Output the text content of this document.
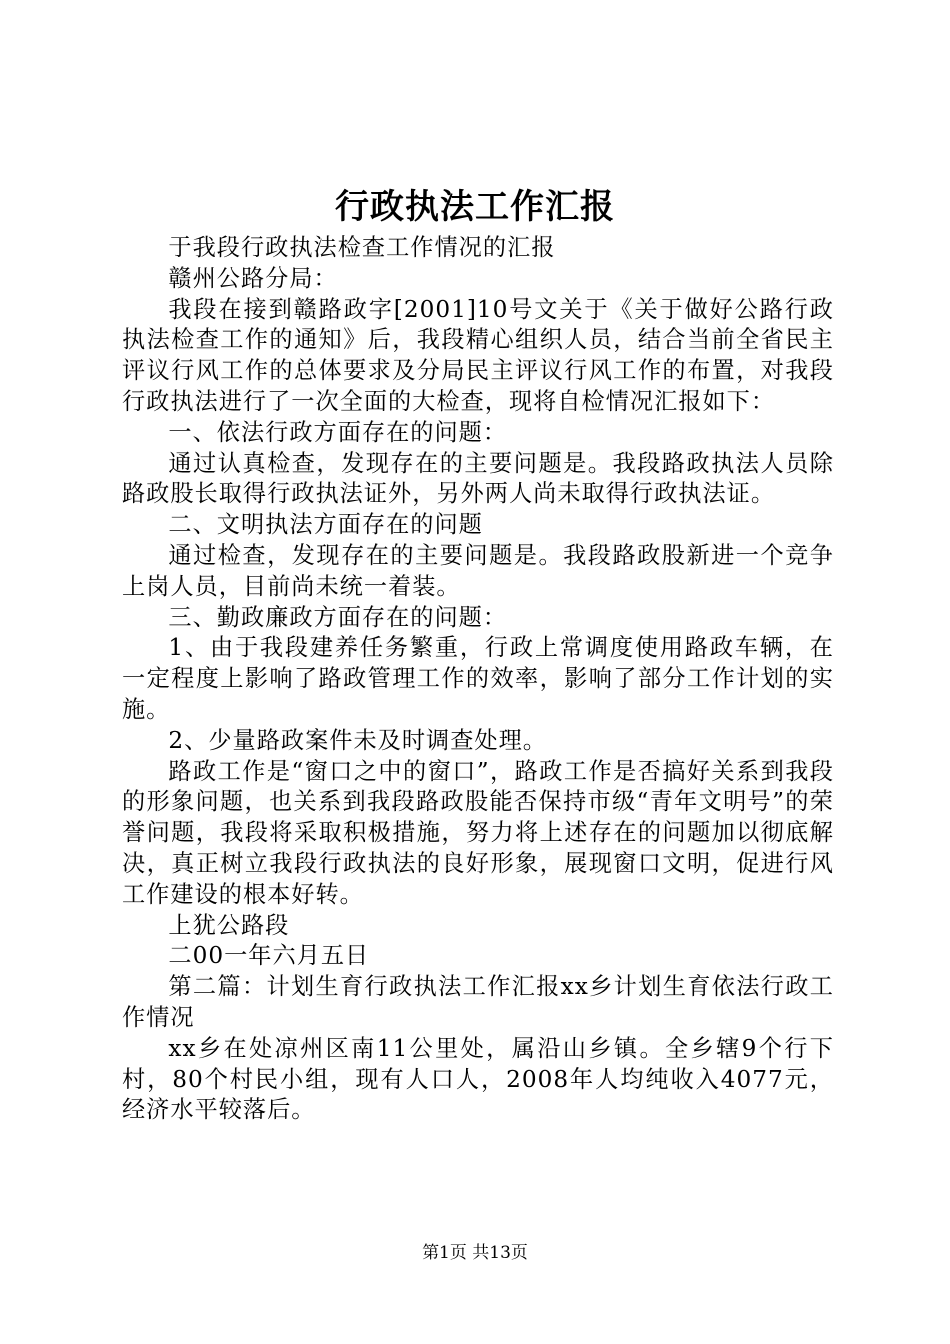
行政执法工作汇报

于我段行政执法检查工作情况的汇报

赣州公路分局：

我段在接到赣路政字[2001]10号文关于《关于做好公路行政执法检查工作的通知》后，我段精心组织人员，结合当前全省民主评议行风工作的总体要求及分局民主评议行风工作的布置，对我段行政执法进行了一次全面的大检查，现将自检情况汇报如下：

一、依法行政方面存在的问题：

通过认真检查，发现存在的主要问题是。我段路政执法人员除路政股长取得行政执法证外，另外两人尚未取得行政执法证。

二、文明执法方面存在的问题

通过检查，发现存在的主要问题是。我段路政股新进一个竞争上岗人员，目前尚未统一着装。

三、勤政廉政方面存在的问题：

1、由于我段建养任务繁重，行政上常调度使用路政车辆，在一定程度上影响了路政管理工作的效率，影响了部分工作计划的实施。

2、少量路政案件未及时调查处理。

路政工作是“窗口之中的窗口”，路政工作是否搞好关系到我段的形象问题，也关系到我段路政股能否保持市级“青年文明号”的荣誉问题，我段将采取积极措施，努力将上述存在的问题加以彻底解决，真正树立我段行政执法的良好形象，展现窗口文明，促进行风工作建设的根本好转。

上犹公路段

二00一年六月五日

第二篇：计划生育行政执法工作汇报xx乡计划生育依法行政工作情况

xx乡在处凉州区南11公里处，属沿山乡镇。全乡辖9个行下村，80个村民小组，现有人口人，2008年人均纯收入4077元，经济水平较落后。

第1页 共13页
